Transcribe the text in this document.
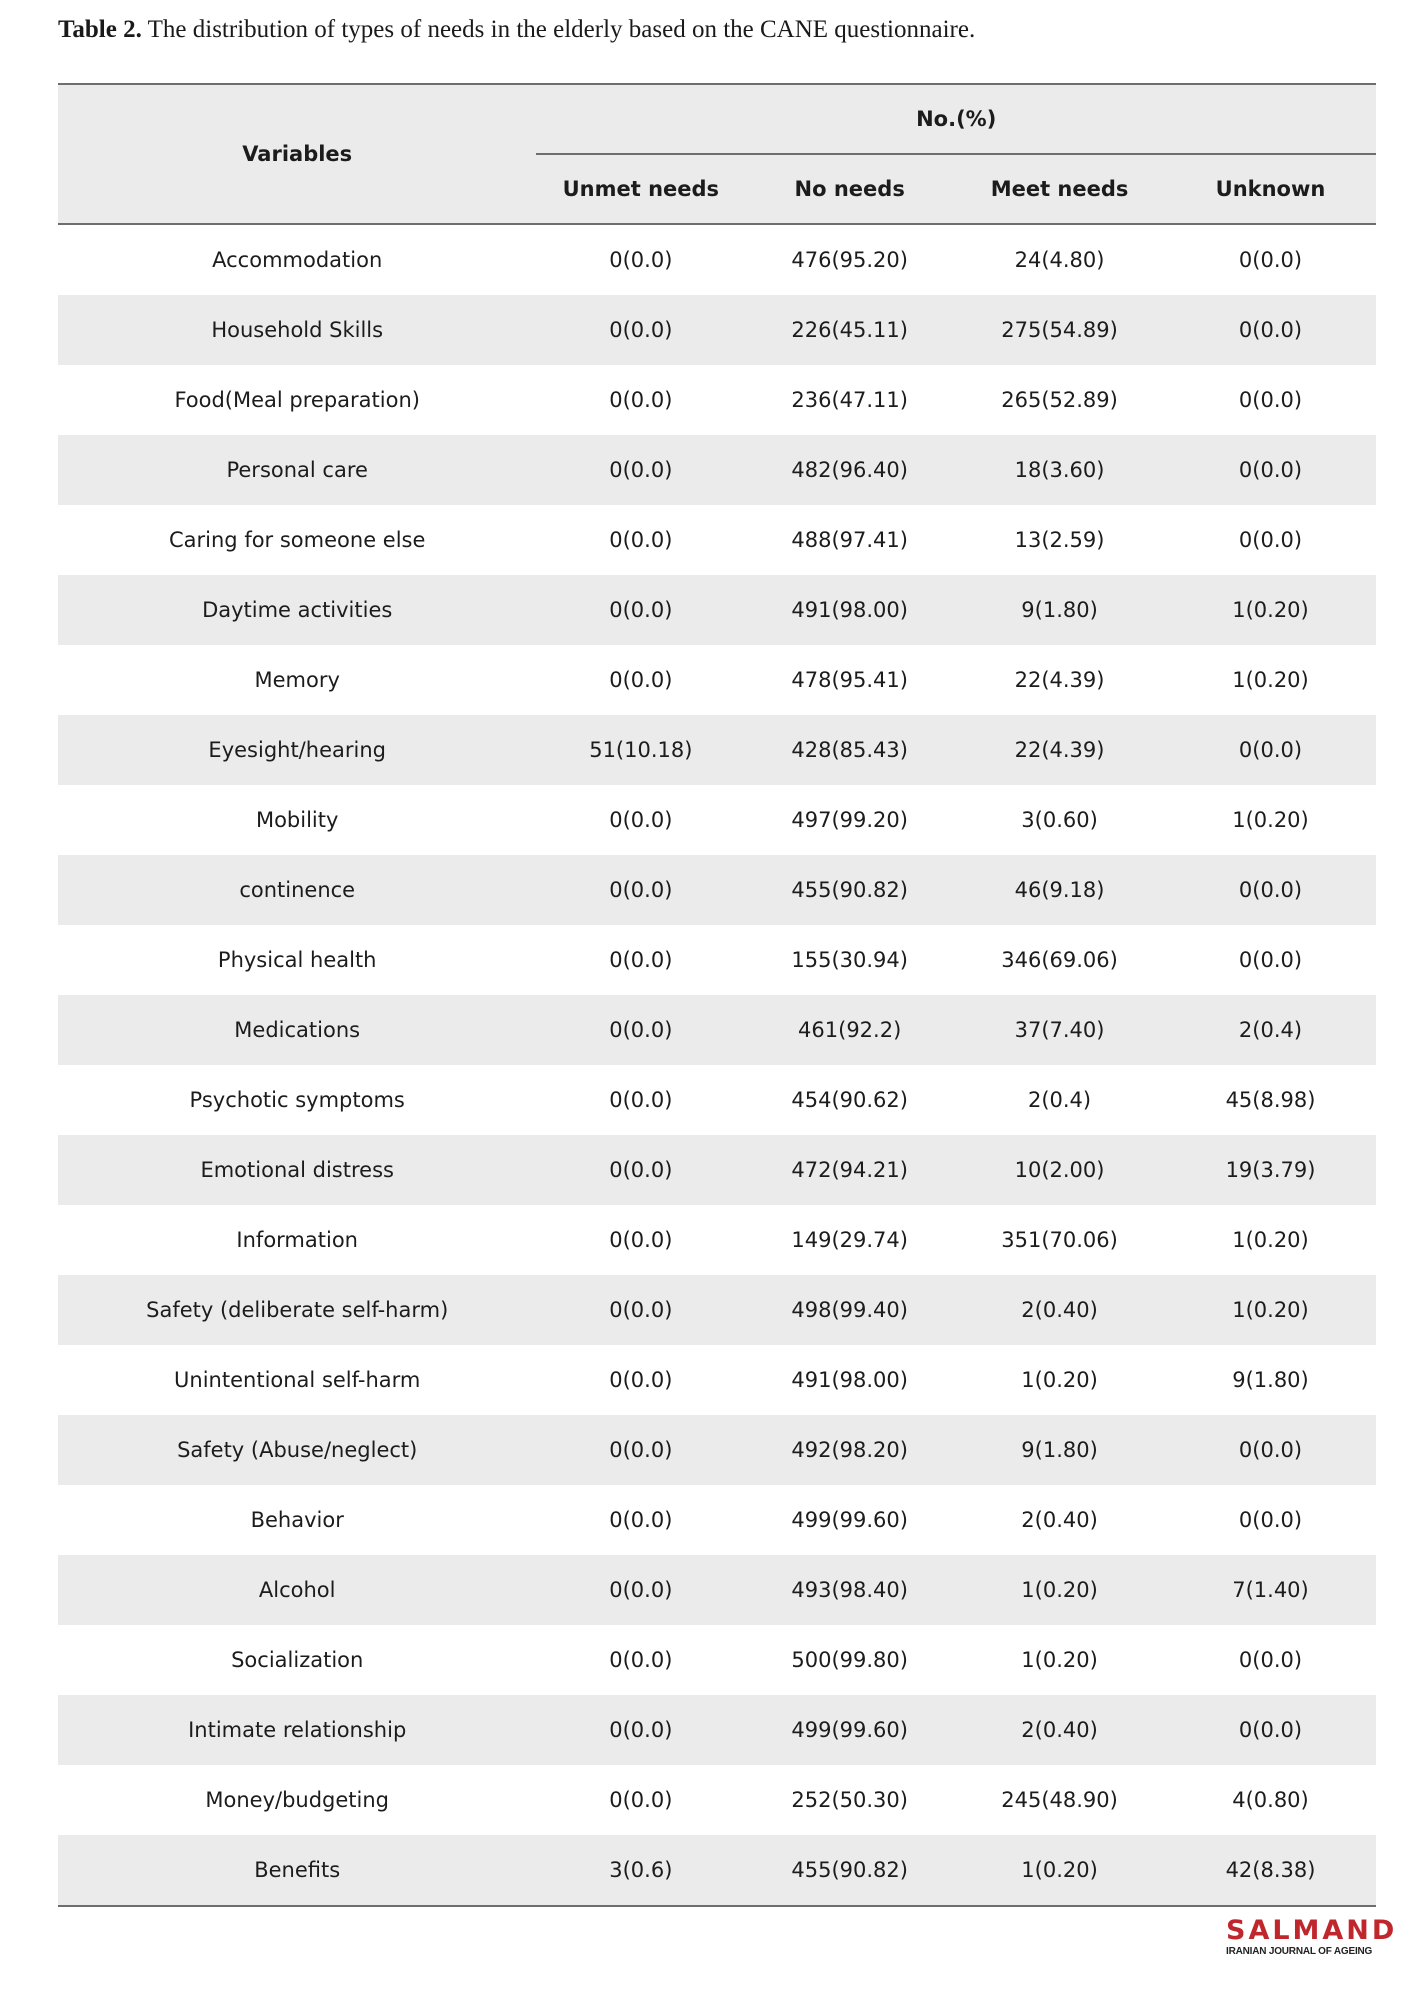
Table 2. The distribution of types of needs in the elderly based on the CANE questionnaire.
Variables	No.(%)			
	Unmet needs	No needs	Meet needs	Unknown
Accommodation	0(0.0)	476(95.20)	24(4.80)	0(0.0)
Household Skills	0(0.0)	226(45.11)	275(54.89)	0(0.0)
Food(Meal preparation)	0(0.0)	236(47.11)	265(52.89)	0(0.0)
Personal care	0(0.0)	482(96.40)	18(3.60)	0(0.0)
Caring for someone else	0(0.0)	488(97.41)	13(2.59)	0(0.0)
Daytime activities	0(0.0)	491(98.00)	9(1.80)	1(0.20)
Memory	0(0.0)	478(95.41)	22(4.39)	1(0.20)
Eyesight/hearing	51(10.18)	428(85.43)	22(4.39)	0(0.0)
Mobility	0(0.0)	497(99.20)	3(0.60)	1(0.20)
continence	0(0.0)	455(90.82)	46(9.18)	0(0.0)
Physical health	0(0.0)	155(30.94)	346(69.06)	0(0.0)
Medications	0(0.0)	461(92.2)	37(7.40)	2(0.4)
Psychotic symptoms	0(0.0)	454(90.62)	2(0.4)	45(8.98)
Emotional distress	0(0.0)	472(94.21)	10(2.00)	19(3.79)
Information	0(0.0)	149(29.74)	351(70.06)	1(0.20)
Safety (deliberate self-harm)	0(0.0)	498(99.40)	2(0.40)	1(0.20)
Unintentional self-harm	0(0.0)	491(98.00)	1(0.20)	9(1.80)
Safety (Abuse/neglect)	0(0.0)	492(98.20)	9(1.80)	0(0.0)
Behavior	0(0.0)	499(99.60)	2(0.40)	0(0.0)
Alcohol	0(0.0)	493(98.40)	1(0.20)	7(1.40)
Socialization	0(0.0)	500(99.80)	1(0.20)	0(0.0)
Intimate relationship	0(0.0)	499(99.60)	2(0.40)	0(0.0)
Money/budgeting	0(0.0)	252(50.30)	245(48.90)	4(0.80)
Benefits	3(0.6)	455(90.82)	1(0.20)	42(8.38)
SALMAND
IRANIAN JOURNAL OF AGEING
